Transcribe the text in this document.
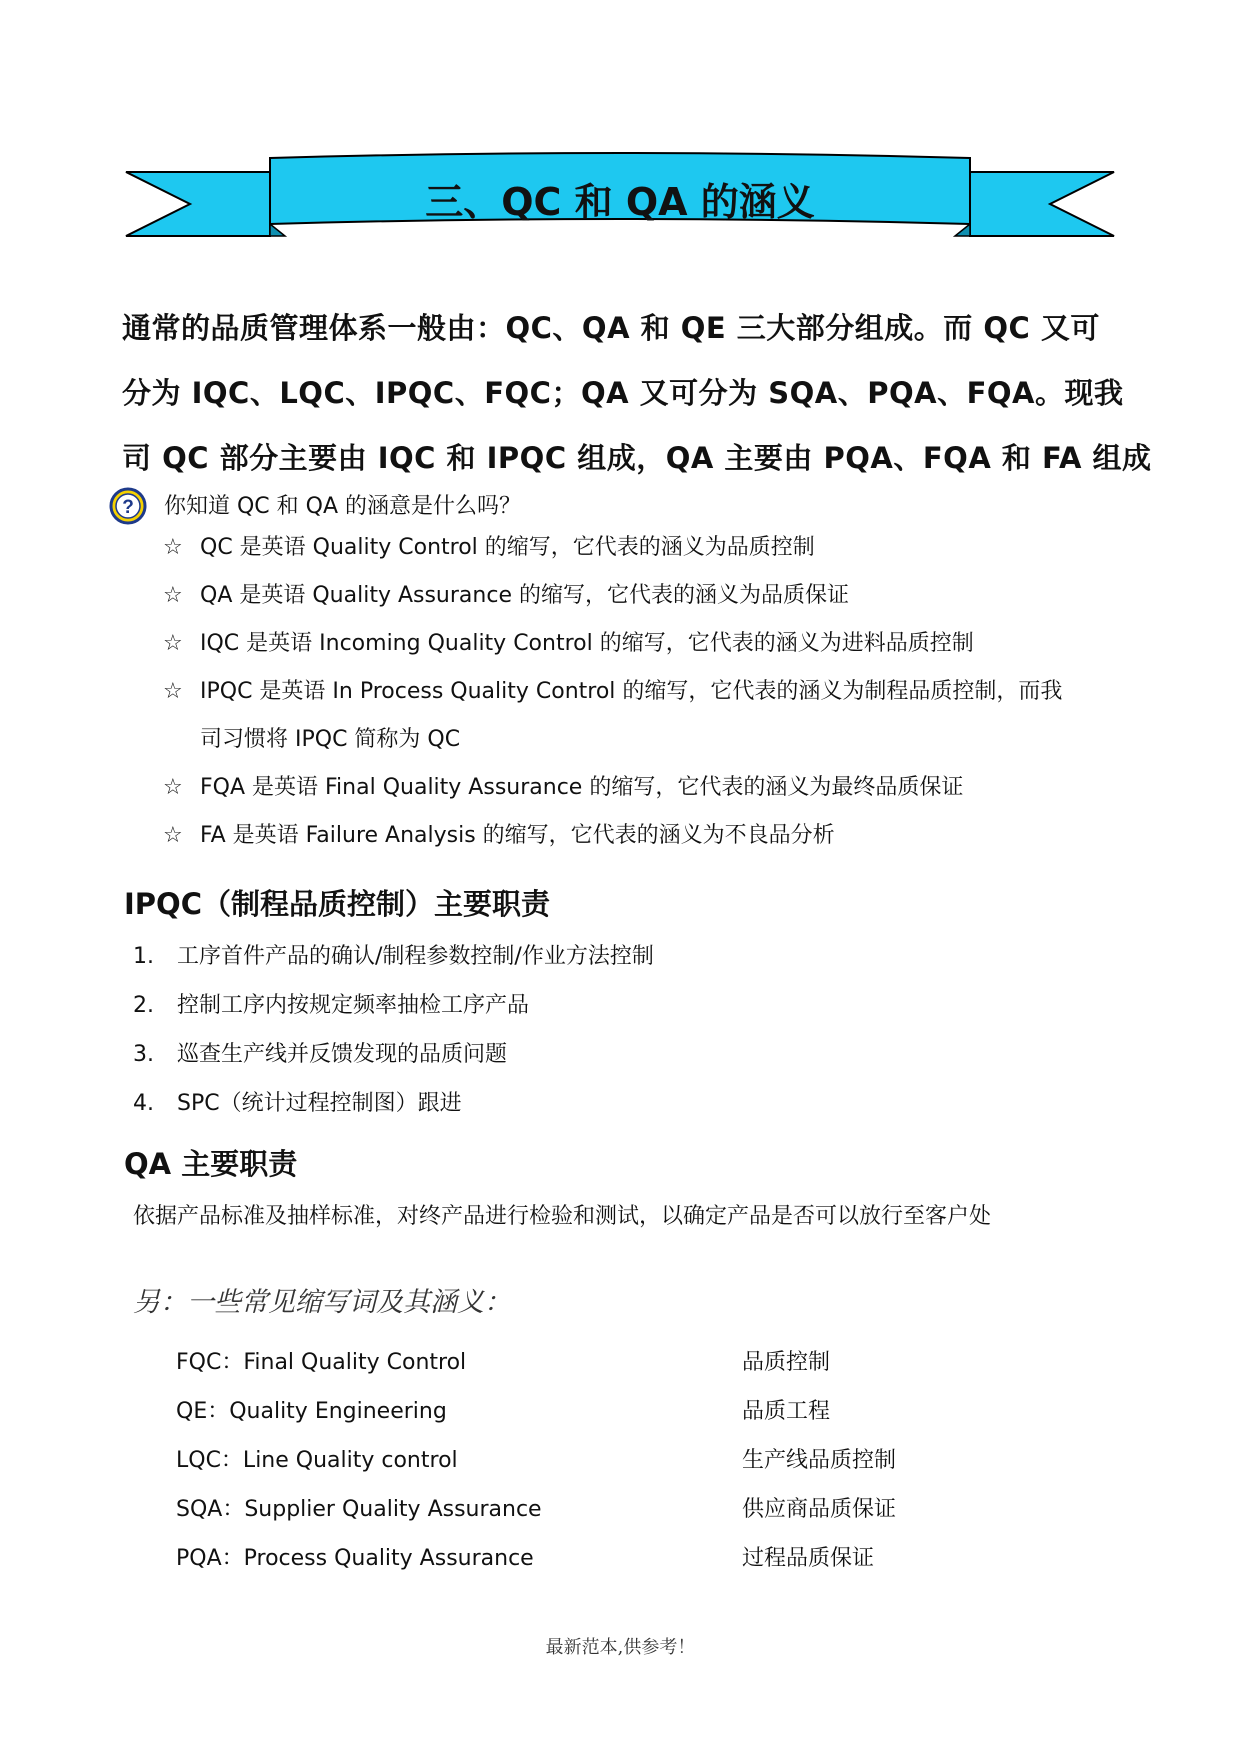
三、QC 和 QA 的涵义

通常的品质管理体系一般由：QC、QA 和 QE 三大部分组成。而 QC 又可

分为 IQC、LQC、IPQC、FQC；QA 又可分为 SQA、PQA、FQA。现我

司 QC 部分主要由 IQC 和 IPQC 组成，QA 主要由 PQA、FQA 和 FA 组成

? 你知道 QC 和 QA 的涵意是什么吗？
☆ QC 是英语 Quality Control 的缩写，它代表的涵义为品质控制

☆ QA 是英语 Quality Assurance 的缩写，它代表的涵义为品质保证

☆ IQC 是英语 Incoming Quality Control 的缩写，它代表的涵义为进料品质控制

☆ IPQC 是英语 In Process Quality Control 的缩写，它代表的涵义为制程品质控制，而我

司习惯将 IPQC 简称为 QC

☆ FQA 是英语 Final Quality Assurance 的缩写，它代表的涵义为最终品质保证

☆ FA 是英语 Failure Analysis 的缩写，它代表的涵义为不良品分析

IPQC（制程品质控制）主要职责
1.	工序首件产品的确认/制程参数控制/作业方法控制
2.	控制工序内按规定频率抽检工序产品
3.	巡查生产线并反馈发现的品质问题
4.	SPC（统计过程控制图）跟进
QA 主要职责
依据产品标准及抽样标准，对终产品进行检验和测试，以确定产品是否可以放行至客户处
另：一些常见缩写词及其涵义：
FQC：Final Quality Control	品质控制
QE：Quality Engineering	品质工程
LQC：Line Quality control	生产线品质控制
SQA：Supplier Quality Assurance	供应商品质保证
PQA：Process Quality Assurance	过程品质保证
最新范本,供参考！
